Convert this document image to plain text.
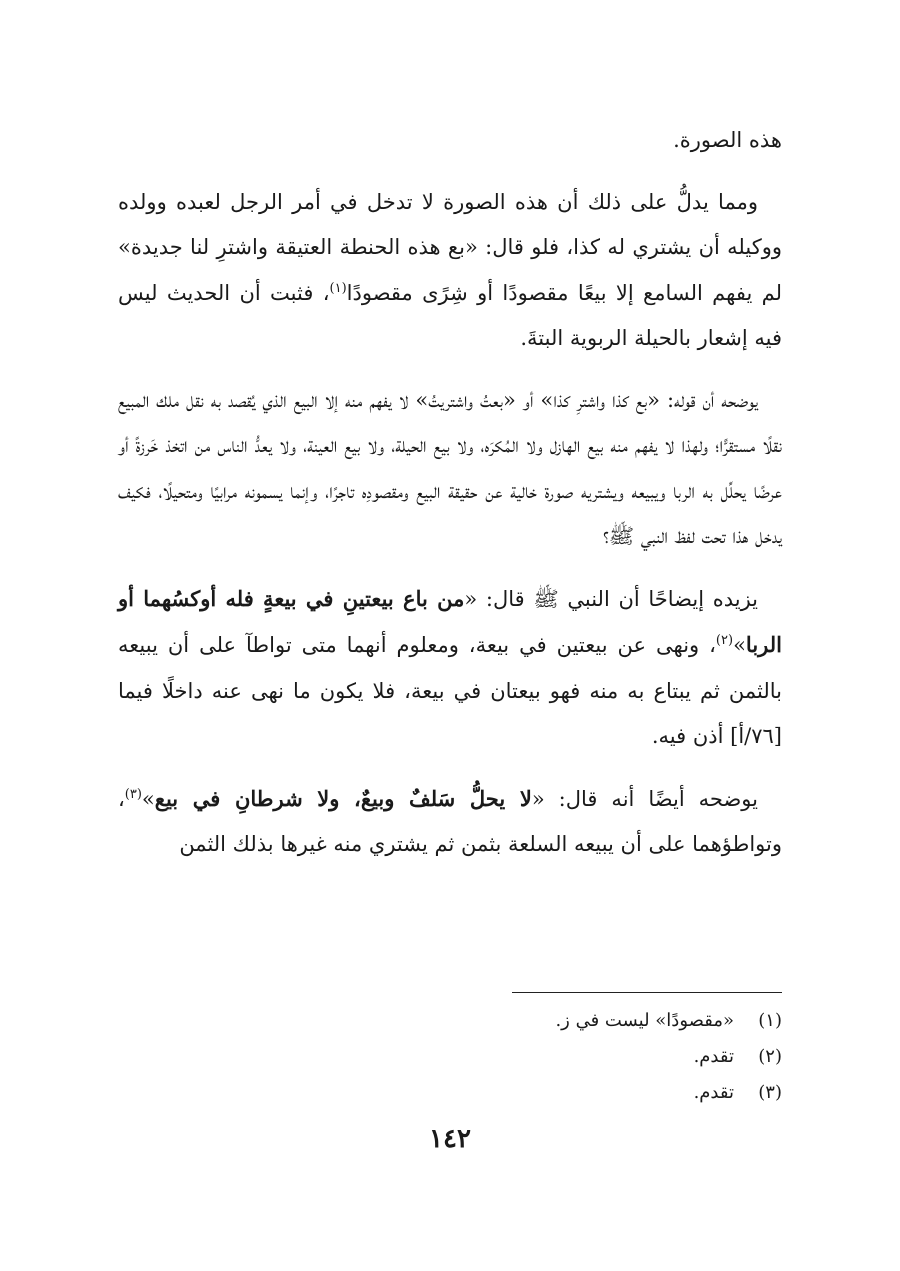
هذه الصورة.

ومما يدلُّ على ذلك أن هذه الصورة لا تدخل في أمر الرجل لعبده وولده ووكيله أن يشتري له كذا، فلو قال: «بع هذه الحنطة العتيقة واشترِ لنا جديدة» لم يفهم السامع إلا بيعًا مقصودًا أو شِرًى مقصودًا$^{(١)}$، فثبت أن الحديث ليس فيه إشعار بالحيلة الربوية البتةَ.

يوضحه أن قوله: «بع كذا واشترِ كذا» أو «بعتُ واشتريتُ» لا يفهم منه إلا البيع الذي يُقصد به نقل ملك المبيع نقلًا مستقرًّا؛ ولهذا لا يفهم منه بيع الهازل ولا المُكرَه، ولا بيع الحيلة، ولا بيع العينة، ولا يعدُّ الناس من اتخذ خَرزةً أو عرضًا يحلِّل به الربا ويبيعه ويشتريه صورة خالية عن حقيقة البيع ومقصودِه تاجرًا، وإنما يسمونه مرابيًا ومتحيلًا، فكيف يدخل هذا تحت لفظ النبي ﷺ؟

يزيده إيضاحًا أن النبي ﷺ قال: «من باع بيعتينِ في بيعةٍ فله أوكسُهما أو الربا»$^{(٢)}$، ونهى عن بيعتين في بيعة، ومعلوم أنهما متى تواطآ على أن يبيعه بالثمن ثم يبتاع به منه فهو بيعتان في بيعة، فلا يكون ما نهى عنه داخلًا فيما [٧٦/أ] أذن فيه.

يوضحه أيضًا أنه قال: «لا يحلُّ سَلفٌ وبيعٌ، ولا شرطانِ في بيع»$^{(٣)}$، وتواطؤهما على أن يبيعه السلعة بثمن ثم يشتري منه غيرها بذلك الثمن

(١)
«مقصودًا» ليست في ز.

(٢)
تقدم.

(٣)
تقدم.

١٤٢
